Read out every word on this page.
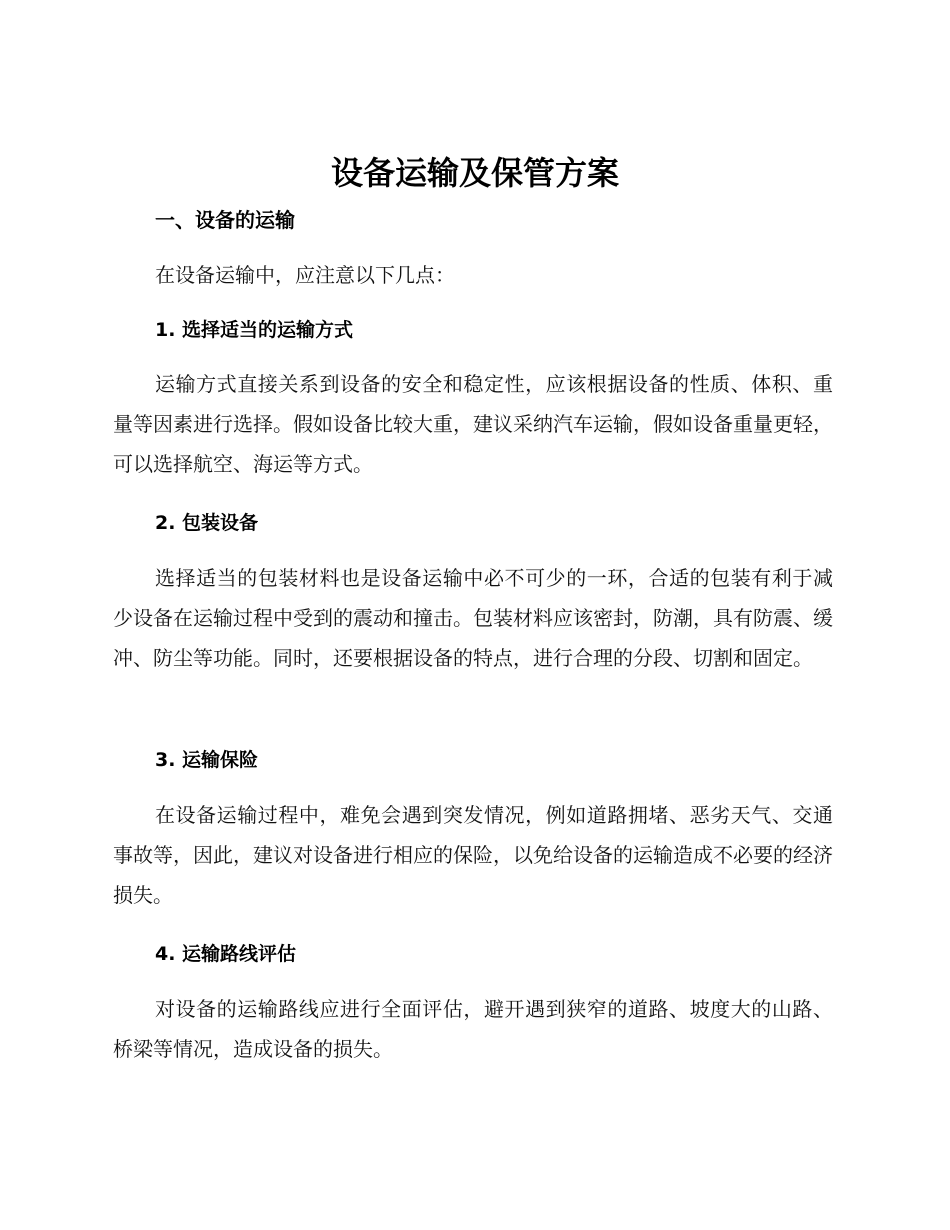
设备运输及保管方案
一、设备的运输
在设备运输中，应注意以下几点：
1. 选择适当的运输方式
运输方式直接关系到设备的安全和稳定性，应该根据设备的性质、体积、重量等因素进行选择。假如设备比较大重，建议采纳汽车运输，假如设备重量更轻，可以选择航空、海运等方式。
2. 包装设备
选择适当的包装材料也是设备运输中必不可少的一环，合适的包装有利于减少设备在运输过程中受到的震动和撞击。包装材料应该密封，防潮，具有防震、缓冲、防尘等功能。同时，还要根据设备的特点，进行合理的分段、切割和固定。
3. 运输保险
在设备运输过程中，难免会遇到突发情况，例如道路拥堵、恶劣天气、交通事故等，因此，建议对设备进行相应的保险，以免给设备的运输造成不必要的经济损失。
4. 运输路线评估
对设备的运输路线应进行全面评估，避开遇到狭窄的道路、坡度大的山路、桥梁等情况，造成设备的损失。
